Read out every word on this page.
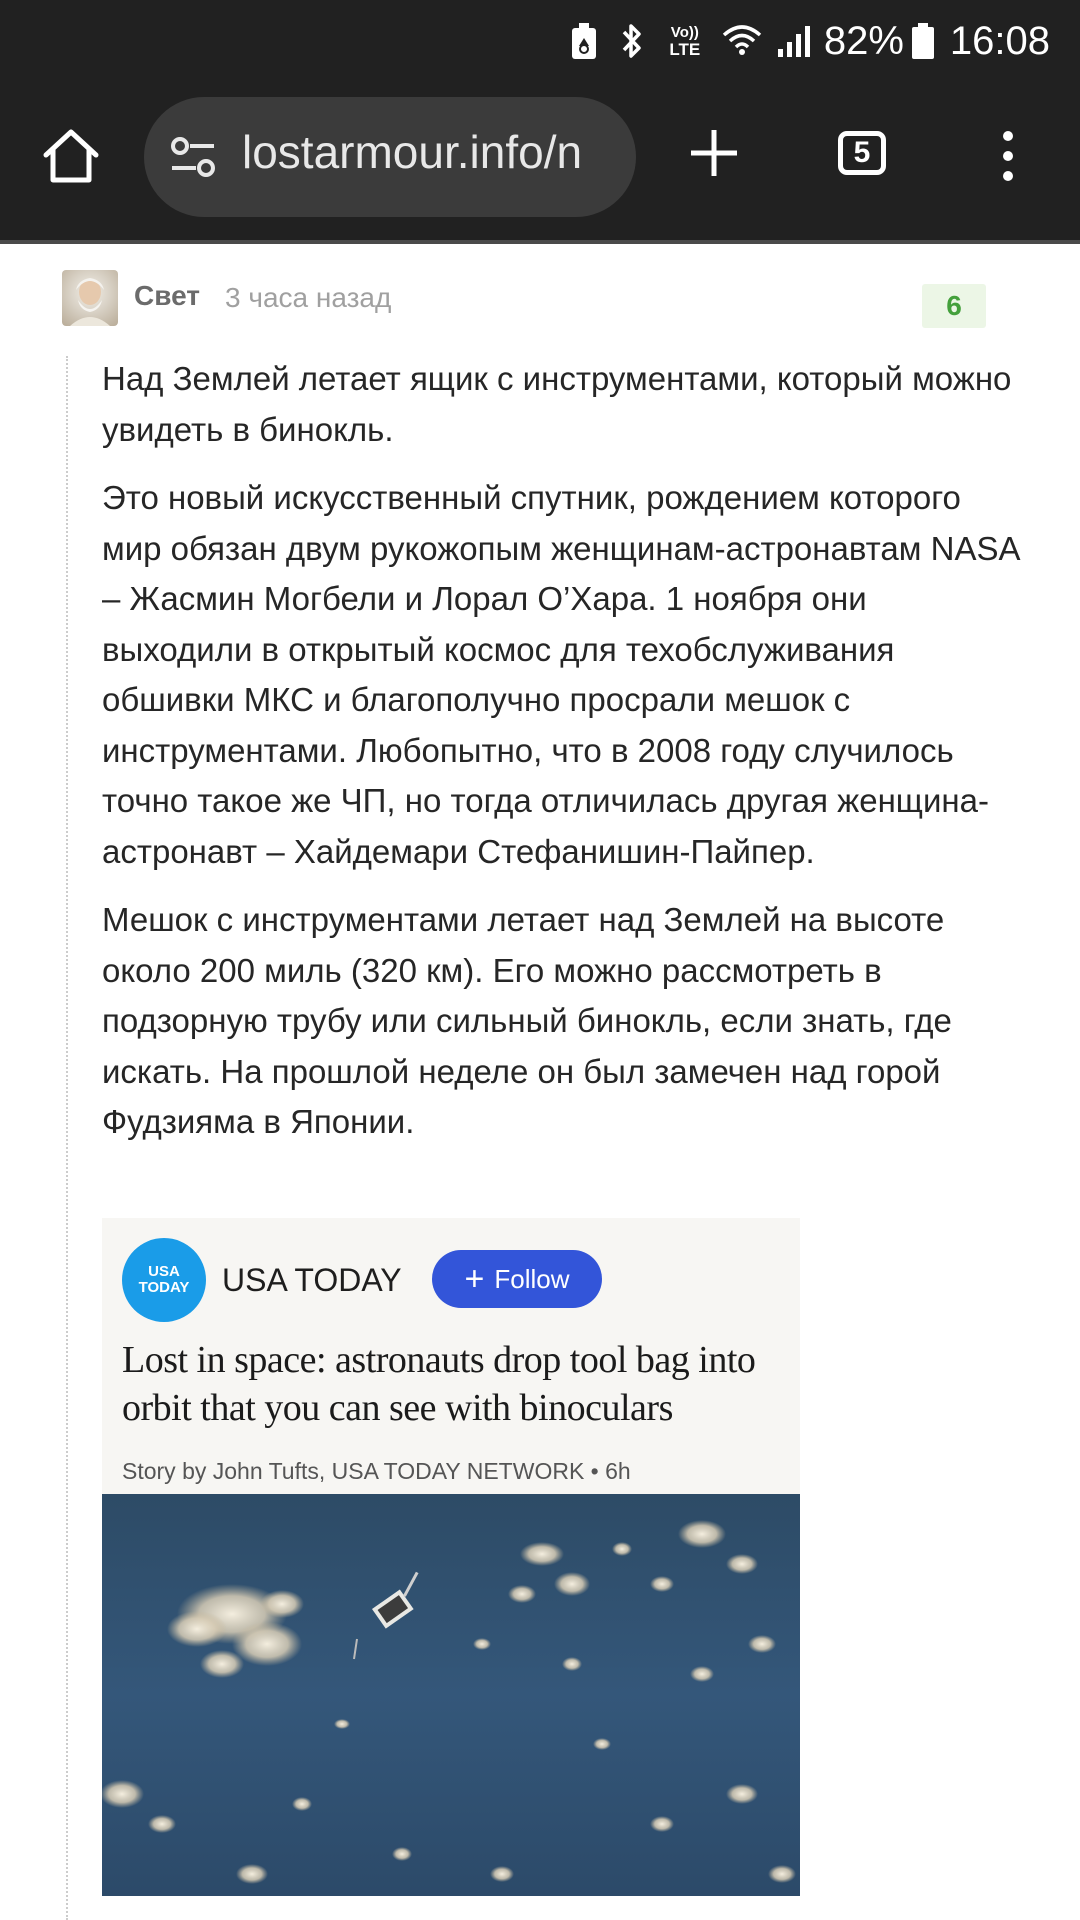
Vo))
LTE	82% 16:08
lostarmour.info/n	5
Свет 3 часа назад	6

Над Землей летает ящик с инструментами, который можно увидеть в бинокль.

Это новый искусственный спутник, рождением которого мир обязан двум рукожопым женщинам-астронавтам NASA – Жасмин Могбели и Лорал О’Хара. 1 ноября они выходили в открытый космос для техобслуживания обшивки МКС и благополучно просрали мешок с инструментами. Любопытно, что в 2008 году случилось точно такое же ЧП, но тогда отличилась другая женщина-астронавт – Хайдемари Стефанишин-Пайпер.

Мешок с инструментами летает над Землей на высоте около 200 миль (320 км). Его можно рассмотреть в подзорную трубу или сильный бинокль, если знать, где искать. На прошлой неделе он был замечен над горой Фудзияма в Японии.

USA
TODAY USA TODAY + Follow
Lost in space: astronauts drop tool bag into orbit that you can see with binoculars
Story by John Tufts, USA TODAY NETWORK • 6h
